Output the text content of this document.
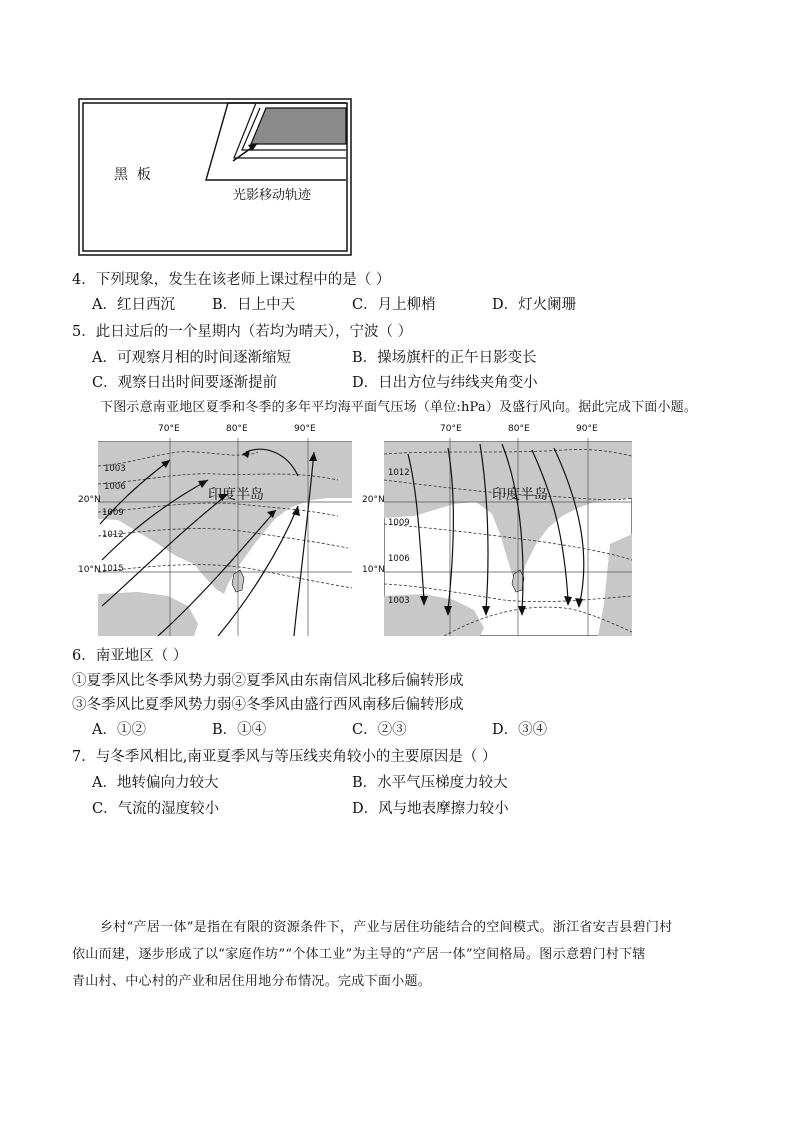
黑  板
光影移动轨迹
4．下列现象，发生在该老师上课过程中的是（ ）
A．红日西沉	B．日上中天	C．月上柳梢	D．灯火阑珊
5．此日过后的一个星期内（若均为晴天），宁波（ ）
A．可观察月相的时间逐渐缩短	B．操场旗杆的正午日影变长
C．观察日出时间要逐渐提前	D．日出方位与纬线夹角变小
下图示意南亚地区夏季和冬季的多年平均海平面气压场（单位:hPa）及盛行风向。据此完成下面小题。
70°E	80°E	90°E
20°N
10°N
印度半岛
1003
1006
1009
1012
1015
70°E	80°E	90°E
20°N
10°N
印度半岛
1012
1009
1006
1003
6．南亚地区（ ）
①夏季风比冬季风势力弱②夏季风由东南信风北移后偏转形成
③冬季风比夏季风势力弱④冬季风由盛行西风南移后偏转形成
A．①②	B．①④	C．②③	D．③④
7．与冬季风相比,南亚夏季风与等压线夹角较小的主要原因是（ ）
A．地转偏向力较大	B．水平气压梯度力较大
C．气流的湿度较小	D．风与地表摩擦力较小
乡村“产居一体”是指在有限的资源条件下，产业与居住功能结合的空间模式。浙江省安吉县碧门村
依山而建，逐步形成了以“家庭作坊”“个体工业”为主导的“产居一体”空间格局。图示意碧门村下辖
青山村、中心村的产业和居住用地分布情况。完成下面小题。
